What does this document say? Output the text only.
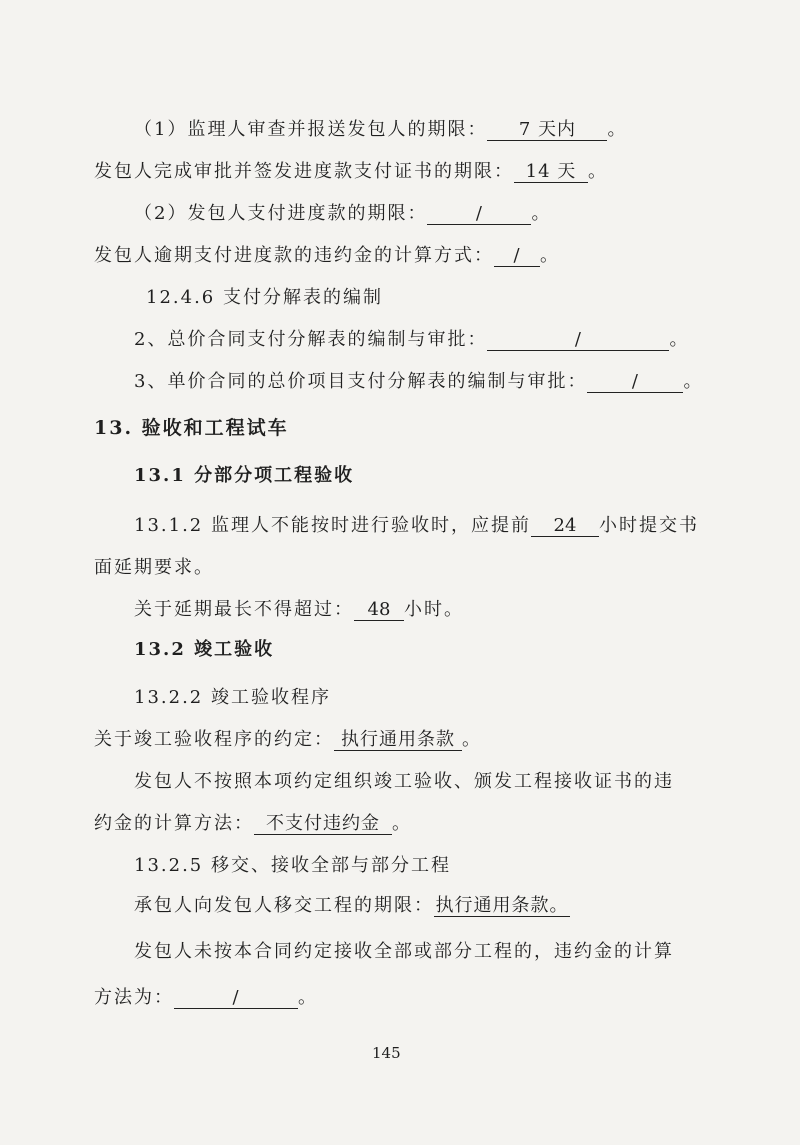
（1）监理人审查并报送发包人的期限： 7 天内 。
发包人完成审批并签发进度款支付证书的期限： 14 天 。
（2）发包人支付进度款的期限：	/	。
发包人逾期支付进度款的违约金的计算方式： / 。
12.4.6 支付分解表的编制
2、总价合同支付分解表的编制与审批：	/	。
3、单价合同的总价项目支付分解表的编制与审批： / 。
13. 验收和工程试车
13.1 分部分项工程验收
13.1.2 监理人不能按时进行验收时，应提前 24 小时提交书
面延期要求。
关于延期最长不得超过： 48 小时。
13.2 竣工验收
13.2.2 竣工验收程序
关于竣工验收程序的约定： 执行通用条款 。
发包人不按照本项约定组织竣工验收、颁发工程接收证书的违
约金的计算方法： 不支付违约金 。
13.2.5 移交、接收全部与部分工程
承包人向发包人移交工程的期限：执行通用条款。
发包人未按本合同约定接收全部或部分工程的，违约金的计算
方法为：	/	。
145
